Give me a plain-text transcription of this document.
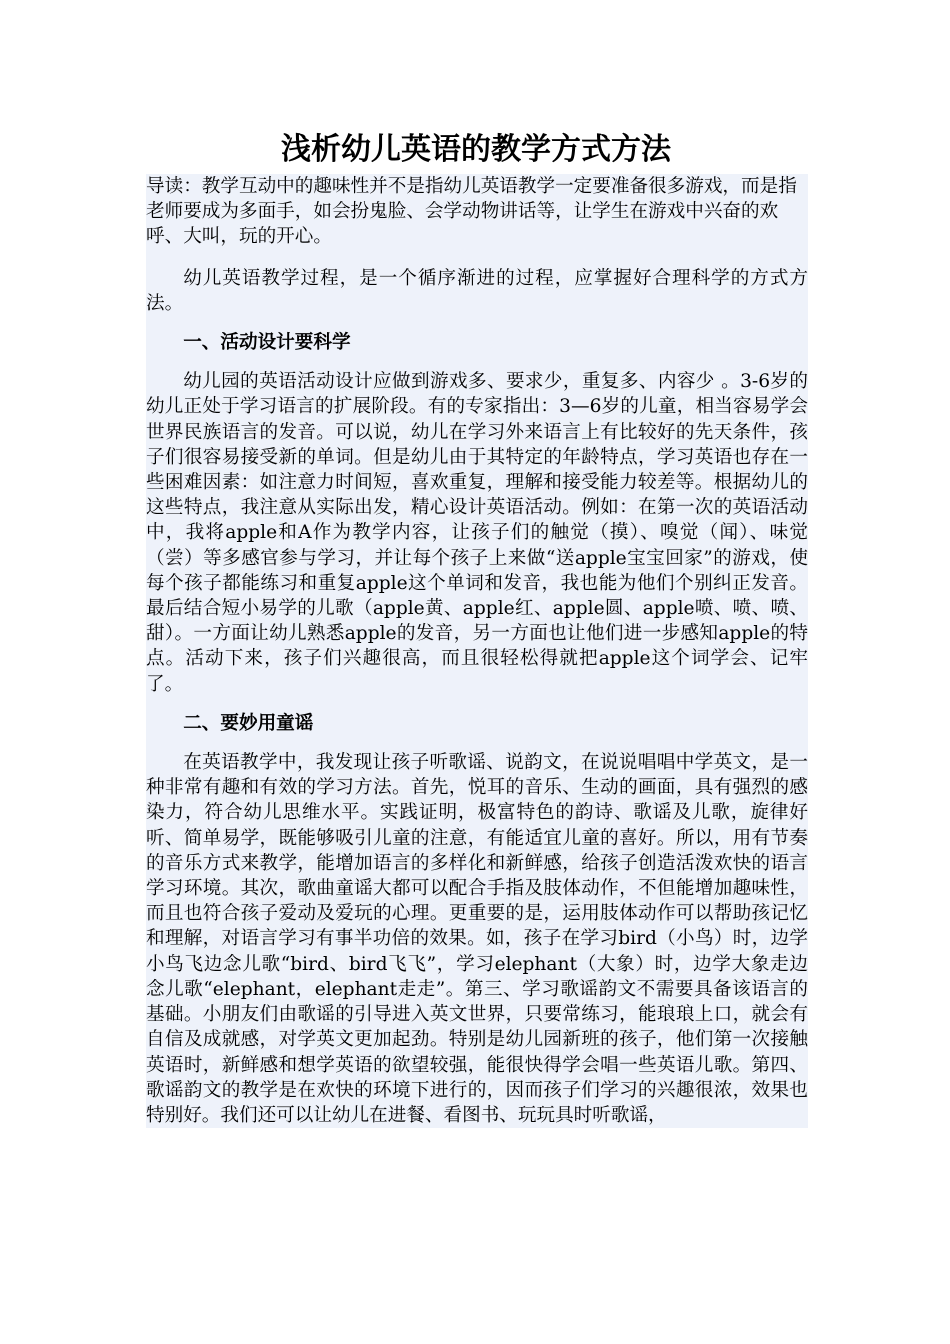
浅析幼儿英语的教学方式方法

导读：教学互动中的趣味性并不是指幼儿英语教学一定要准备很多游戏，而是指老师要成为多面手，如会扮鬼脸、会学动物讲话等，让学生在游戏中兴奋的欢呼、大叫，玩的开心。

幼儿英语教学过程，是一个循序渐进的过程，应掌握好合理科学的方式方法。

一、活动设计要科学

幼儿园的英语活动设计应做到游戏多、要求少，重复多、内容少 。3-6岁的幼儿正处于学习语言的扩展阶段。有的专家指出：3—6岁的儿童，相当容易学会世界民族语言的发音。可以说，幼儿在学习外来语言上有比较好的先天条件，孩子们很容易接受新的单词。但是幼儿由于其特定的年龄特点，学习英语也存在一些困难因素：如注意力时间短，喜欢重复，理解和接受能力较差等。根据幼儿的这些特点，我注意从实际出发，精心设计英语活动。例如：在第一次的英语活动中，我将apple和A作为教学内容，让孩子们的触觉（摸）、嗅觉（闻）、味觉（尝）等多感官参与学习，并让每个孩子上来做“送apple宝宝回家”的游戏，使每个孩子都能练习和重复apple这个单词和发音，我也能为他们个别纠正发音。最后结合短小易学的儿歌（apple黄、apple红、apple圆、apple喷、喷、喷、甜）。一方面让幼儿熟悉apple的发音，另一方面也让他们进一步感知apple的特点。活动下来，孩子们兴趣很高，而且很轻松得就把apple这个词学会、记牢了。

二、要妙用童谣

在英语教学中，我发现让孩子听歌谣、说韵文，在说说唱唱中学英文，是一种非常有趣和有效的学习方法。首先，悦耳的音乐、生动的画面，具有强烈的感染力，符合幼儿思维水平。实践证明，极富特色的韵诗、歌谣及儿歌，旋律好听、简单易学，既能够吸引儿童的注意，有能适宜儿童的喜好。所以，用有节奏的音乐方式来教学，能增加语言的多样化和新鲜感，给孩子创造活泼欢快的语言学习环境。其次，歌曲童谣大都可以配合手指及肢体动作，不但能增加趣味性，而且也符合孩子爱动及爱玩的心理。更重要的是，运用肢体动作可以帮助孩记忆和理解，对语言学习有事半功倍的效果。如，孩子在学习bird（小鸟）时，边学小鸟飞边念儿歌“bird、bird飞飞”，学习elephant（大象）时，边学大象走边念儿歌“elephant，elephant走走”。第三、学习歌谣韵文不需要具备该语言的基础。小朋友们由歌谣的引导进入英文世界，只要常练习，能琅琅上口，就会有自信及成就感，对学英文更加起劲。特别是幼儿园新班的孩子，他们第一次接触英语时，新鲜感和想学英语的欲望较强，能很快得学会唱一些英语儿歌。第四、歌谣韵文的教学是在欢快的环境下进行的，因而孩子们学习的兴趣很浓，效果也特别好。我们还可以让幼儿在进餐、看图书、玩玩具时听歌谣，
